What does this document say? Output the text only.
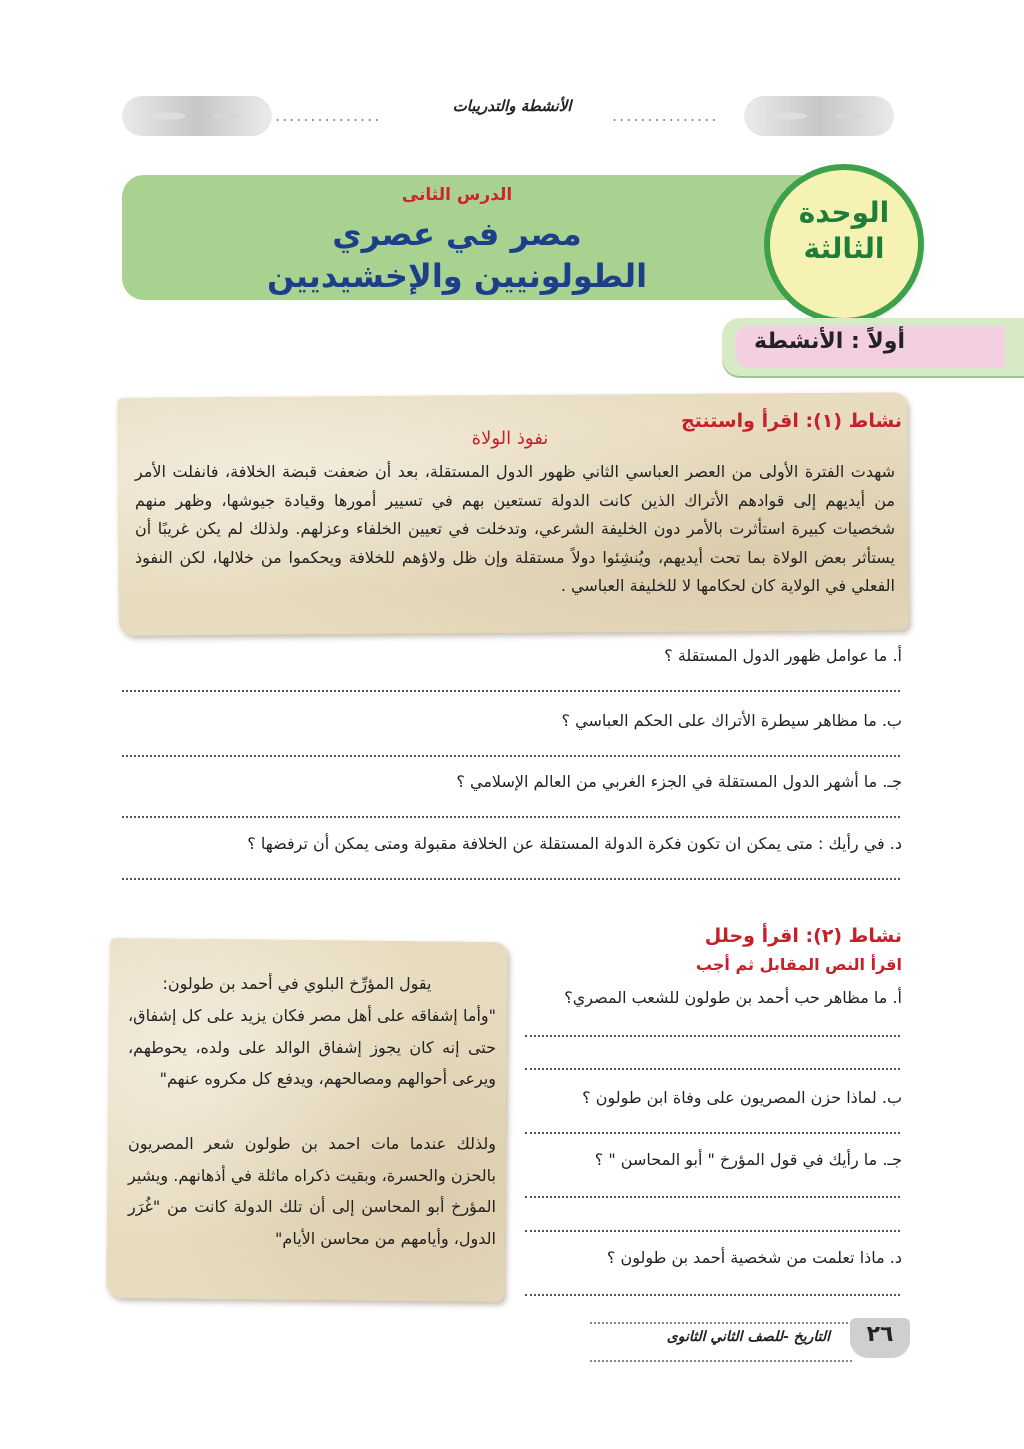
...............	...............
الأنشطة والتدريبات
الدرس الثانى
مصر في عصري
الطولونيين والإخشيديين
الوحدة
الثالثة
أولاً : الأنشطة
نشاط (١): اقرأ واستنتج
نفوذ الولاة
شهدت الفترة الأولى من العصر العباسي الثاني ظهور الدول المستقلة، بعد أن ضعفت قبضة الخلافة، فانفلت الأمر من أيديهم إلى قوادهم الأتراك الذين كانت الدولة تستعين بهم في تسيير أمورها وقيادة جيوشها، وظهر منهم شخصيات كبيرة استأثرت بالأمر دون الخليفة الشرعي، وتدخلت في تعيين الخلفاء وعزلهم. ولذلك لم يكن غريبًا أن يستأثر بعض الولاة بما تحت أيديهم، ويُنشِئوا دولاً مستقلة وإن ظل ولاؤهم للخلافة ويحكموا من خلالها، لكن النفوذ الفعلي في الولاية كان لحكامها لا للخليفة العباسي .
أ. ما عوامل ظهور الدول المستقلة ؟
ب. ما مظاهر سيطرة الأتراك على الحكم العباسي ؟
جـ. ما أشهر الدول المستقلة في الجزء الغربي من العالم الإسلامي ؟
د. في رأيك : متى يمكن ان تكون فكرة الدولة المستقلة عن الخلافة مقبولة ومتى يمكن أن ترفضها ؟
نشاط (٢): اقرأ وحلل
اقرأ النص المقابل ثم أجب
أ. ما مظاهر حب أحمد بن طولون للشعب المصري؟
ب. لماذا حزن المصريون على وفاة ابن طولون ؟
جـ. ما رأيك في قول المؤرخ " أبو المحاسن " ؟
د. ماذا تعلمت من شخصية أحمد بن طولون ؟
يقول المؤرِّخ البلوي في أحمد بن طولون:
"وأما إشفاقه على أهل مصر فكان يزيد على كل إشفاق، حتى إنه كان يجوز إشفاق الوالد على ولده، يحوطهم، ويرعى أحوالهم ومصالحهم، ويدفع كل مكروه عنهم"
ولذلك عندما مات احمد بن طولون شعر المصريون بالحزن والحسرة، وبقيت ذكراه ماثلة في أذهانهم. ويشير المؤرخ أبو المحاسن إلى أن تلك الدولة كانت من "غُرَر الدول، وأيامهم من محاسن الأيام"
التاريخ -للصف الثاني الثانوى	٢٦
